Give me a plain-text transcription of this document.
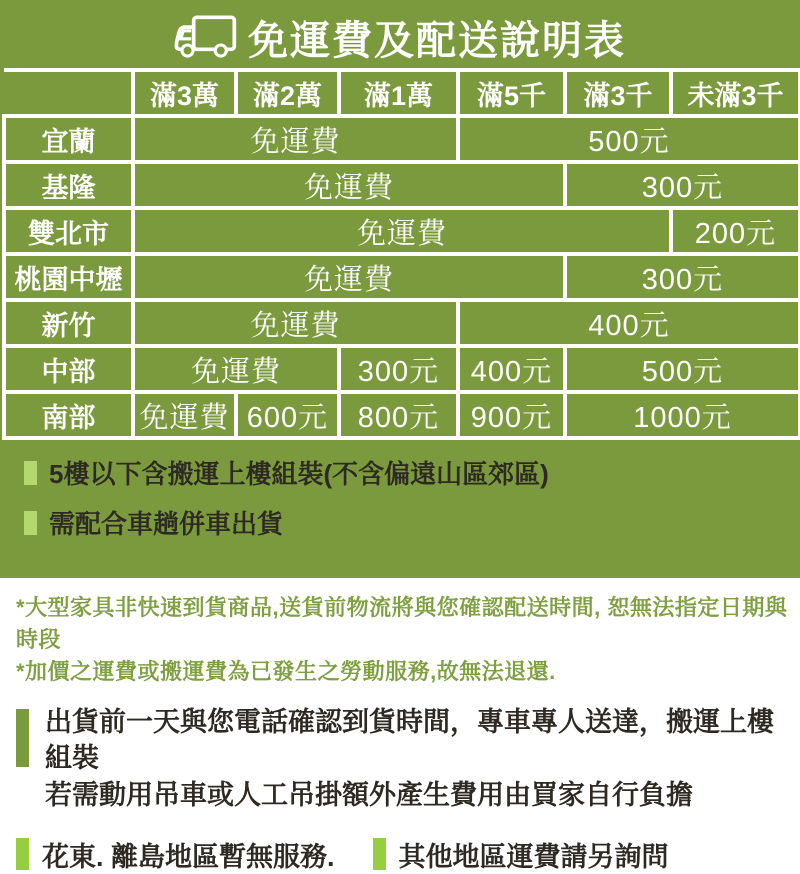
免運費及配送說明表
	滿3萬	滿2萬	滿1萬	滿5千	滿3千	未滿3千
宜蘭	免運費			500元		
基隆	免運費				300元	
雙北市	免運費					200元
桃園中壢	免運費				300元	
新竹	免運費			400元		
中部	免運費		300元	400元	500元	
南部	免運費	600元	800元	900元	1000元	
5樓以下含搬運上樓組裝(不含偏遠山區郊區)
需配合車趟併車出貨
*大型家具非快速到貨商品,送貨前物流將與您確認配送時間, 恕無法指定日期與時段
*加價之運費或搬運費為已發生之勞動服務,故無法退還.
出貨前一天與您電話確認到貨時間，專車專人送達，搬運上樓組裝
若需動用吊車或人工吊掛額外產生費用由買家自行負擔
花東. 離島地區暫無服務. 其他地區運費請另詢問
